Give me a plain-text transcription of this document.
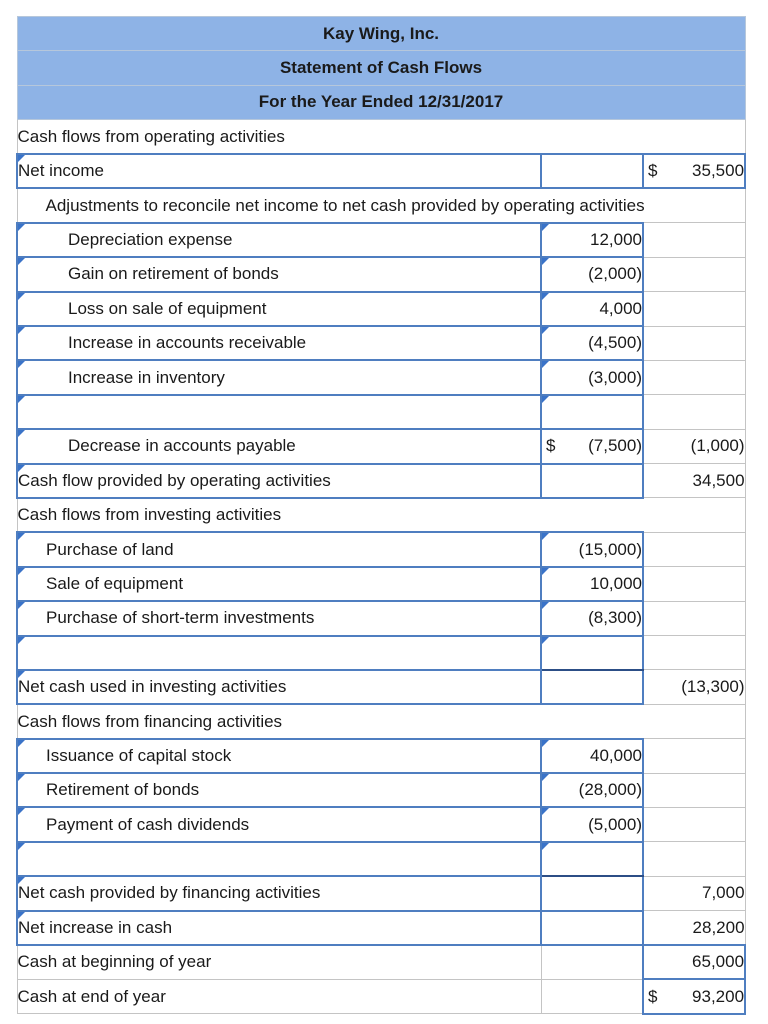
Kay Wing, Inc.		
Statement of Cash Flows		
For the Year Ended 12/31/2017		
Cash flows from operating activities		
Net income		$ 35,500
Adjustments to reconcile net income to net cash provided by operating activities		
Depreciation expense	12,000	
Gain on retirement of bonds	(2,000)	
Loss on sale of equipment	4,000	
Increase in accounts receivable	(4,500)	
Increase in inventory	(3,000)	

Decrease in accounts payable	$ (7,500)	(1,000)
Cash flow provided by operating activities		34,500
Cash flows from investing activities		
Purchase of land	(15,000)	
Sale of equipment	10,000	
Purchase of short-term investments	(8,300)	

Net cash used in investing activities		(13,300)
Cash flows from financing activities		
Issuance of capital stock	40,000	
Retirement of bonds	(28,000)	
Payment of cash dividends	(5,000)	

Net cash provided by financing activities		7,000
Net increase in cash		28,200
Cash at beginning of year		65,000
Cash at end of year		$ 93,200
